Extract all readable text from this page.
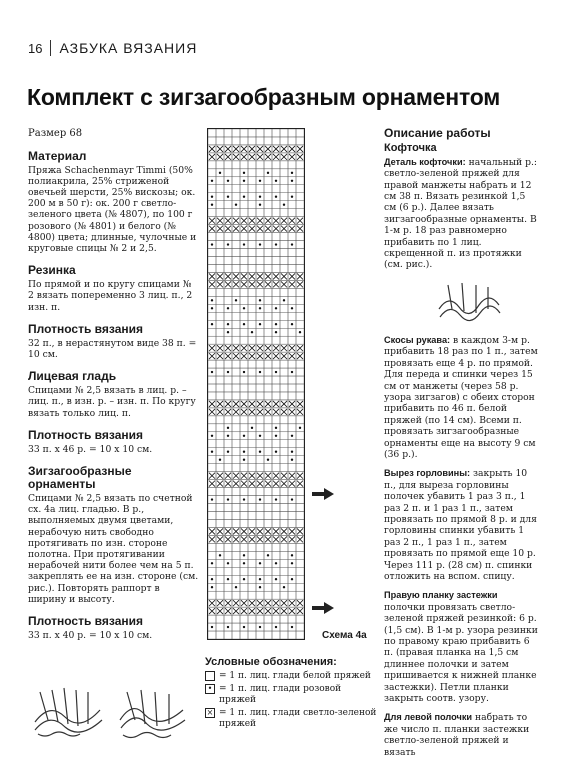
16 АЗБУКА ВЯЗАНИЯ
Комплект с зигзагообразным орнаментом
Размер 68
Материал

Пряжа Schachenmayr Timmi (50% полиакрила, 25% стриженой овечьей шерсти, 25% вискозы; ок. 200 м в 50 г): ок. 200 г светло-зеленого цвета (№ 4807), по 100 г розового (№ 4801) и белого (№ 4800) цвета; длинные, чулочные и круговые спицы № 2 и 2,5.

Резинка

По прямой и по кругу спицами № 2 вязать попеременно 3 лиц. п., 2 изн. п.

Плотность вязания

32 п., в нерастянутом виде 38 п. = 10 см.

Лицевая гладь

Спицами № 2,5 вязать в лиц. р. – лиц. п., в изн. р. – изн. п. По кругу вязать только лиц. п.

Плотность вязания

33 п. х 46 р. = 10 х 10 см.

Зигзагообразные орнаменты

Спицами № 2,5 вязать по счетной сх. 4а лиц. гладью. В р., выполняемых двумя цветами, нерабочую нить свободно протягивать по изн. стороне полотна. При протягивании нерабочей нити более чем на 5 п. закреплять ее на изн. стороне (см. рис.). Повторять раппорт в ширину и высоту.

Плотность вязания

33 п. х 40 р. = 10 х 10 см.	Схема 4а
Условные обозначения:
= 1 п. лиц. глади белой пряжей
• = 1 п. лиц. глади розовой пряжей
× = 1 п. лиц. глади светло-зеленой пряжей
Описание работы
Кофточка

Деталь кофточки: начальный р.: светло-зеленой пряжей для правой манжеты набрать и 12 см 38 п. Вязать резинкой 1,5 см (6 р.). Далее вязать зигзагообразные орнаменты. В 1-м р. 18 раз равномерно прибавить по 1 лиц. скрещенной п. из протяжки (см. рис.).

Скосы рукава: в каждом 3-м р. прибавить 18 раз по 1 п., затем провязать еще 4 р. по прямой. Для переда и спинки через 15 см от манжеты (через 58 р. узора зигзагов) с обеих сторон прибавить по 46 п. белой пряжей (по 14 см). Всеми п. провязать зигзагообразные орнаменты еще на высоту 9 см (36 р.).

Вырез горловины: закрыть 10 п., для выреза горловины полочек убавить 1 раз 3 п., 1 раз 2 п. и 1 раз 1 п., затем провязать по прямой 8 р. и для горловины спинки убавить 1 раз 2 п., 1 раз 1 п., затем провязать по прямой еще 10 р. Через 111 р. (28 см) п. спинки отложить на вспом. спицу.

Правую планку застежки полочки провязать светло-зеленой пряжей резинкой: 6 р. (1,5 см). В 1-м р. узора резинки по правому краю прибавить 6 п. (правая планка на 1,5 см длиннее полочки и затем пришивается к нижней планке застежки). Петли планки закрыть соотв. узору.

Для левой полочки набрать то же число п. планки застежки светло-зеленой пряжей и вязать
